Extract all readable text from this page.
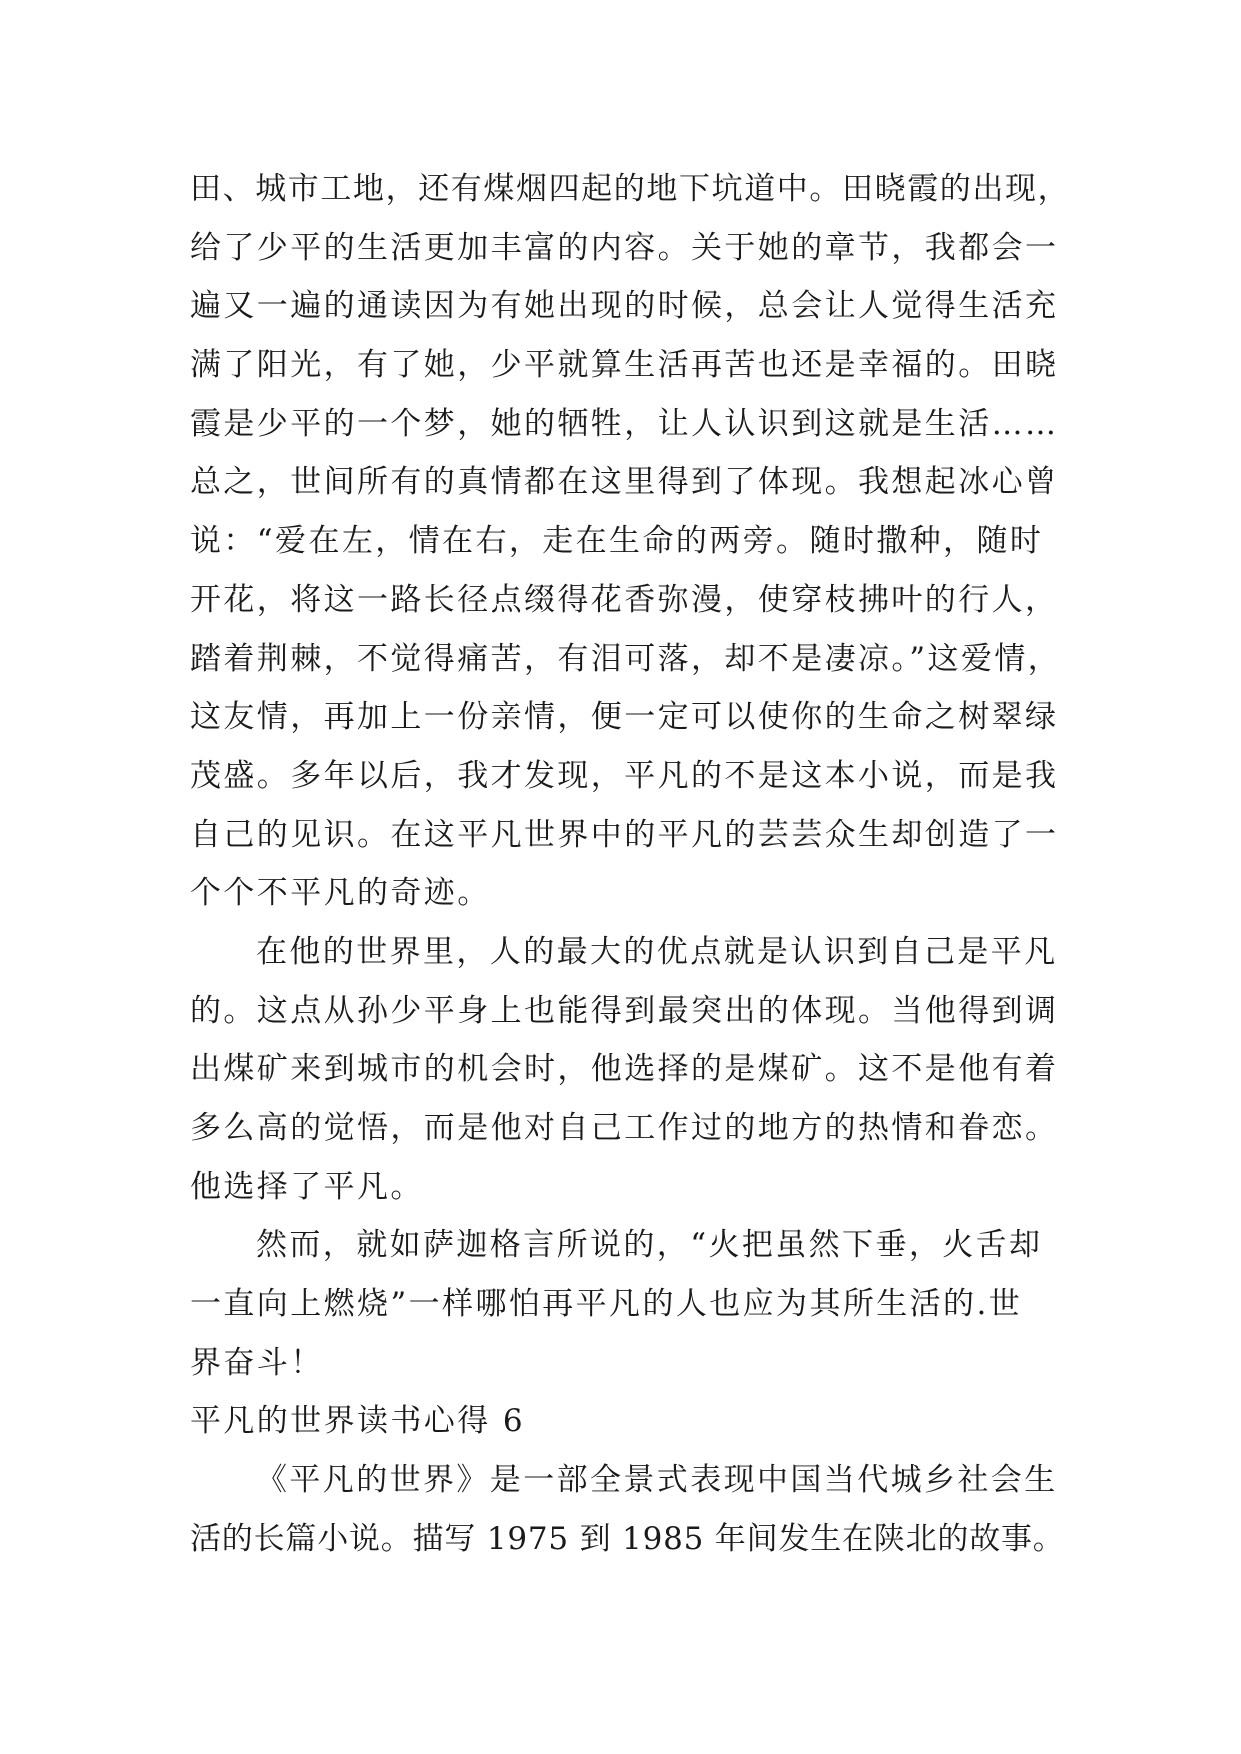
田、城市工地，还有煤烟四起的地下坑道中。田晓霞的出现，
给了少平的生活更加丰富的内容。关于她的章节，我都会一
遍又一遍的通读因为有她出现的时候，总会让人觉得生活充
满了阳光，有了她，少平就算生活再苦也还是幸福的。田晓
霞是少平的一个梦，她的牺牲，让人认识到这就是生活……
总之，世间所有的真情都在这里得到了体现。我想起冰心曾
说：“爱在左，情在右，走在生命的两旁。随时撒种，随时
开花，将这一路长径点缀得花香弥漫，使穿枝拂叶的行人，
踏着荆棘，不觉得痛苦，有泪可落，却不是凄凉。”这爱情，
这友情，再加上一份亲情，便一定可以使你的生命之树翠绿
茂盛。多年以后，我才发现，平凡的不是这本小说，而是我
自己的见识。在这平凡世界中的平凡的芸芸众生却创造了一
个个不平凡的奇迹。
在他的世界里，人的最大的优点就是认识到自己是平凡
的。这点从孙少平身上也能得到最突出的体现。当他得到调
出煤矿来到城市的机会时，他选择的是煤矿。这不是他有着
多么高的觉悟，而是他对自己工作过的地方的热情和眷恋。
他选择了平凡。
然而，就如萨迦格言所说的，“火把虽然下垂，火舌却
一直向上燃烧”一样哪怕再平凡的人也应为其所生活的.世
界奋斗！
平凡的世界读书心得 6
《平凡的世界》是一部全景式表现中国当代城乡社会生
活的长篇小说。描写 1975 到 1985 年间发生在陕北的故事。
